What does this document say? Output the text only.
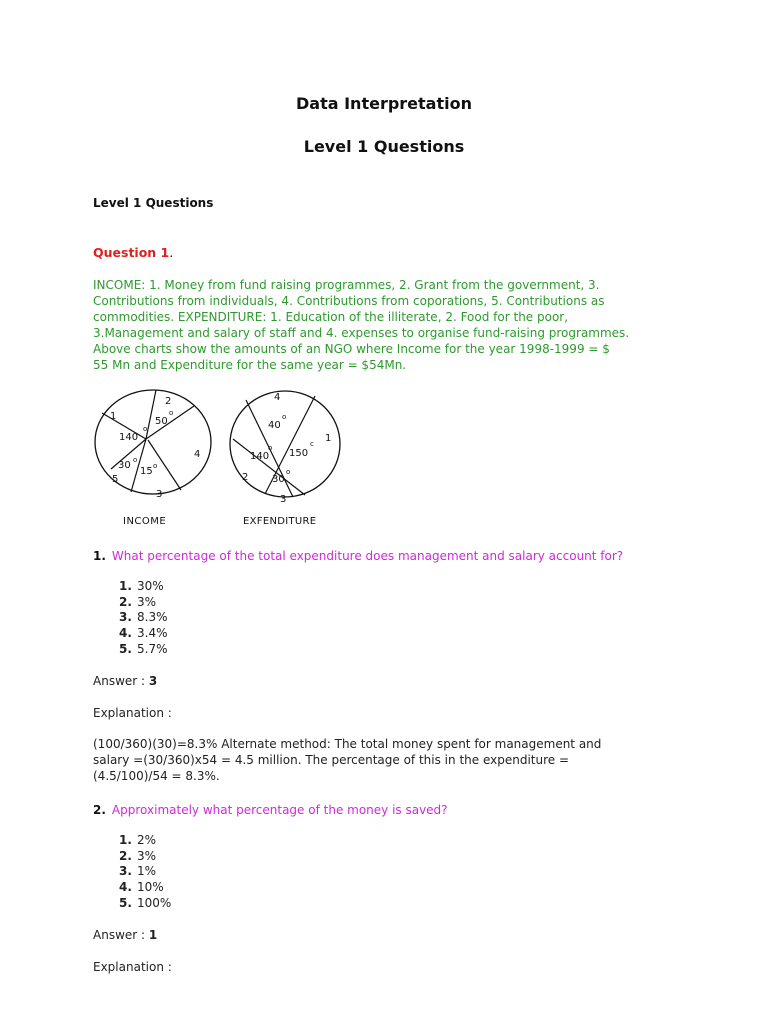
Data Interpretation
Level 1 Questions
Level 1 Questions
Question 1.
INCOME: 1. Money from fund raising programmes, 2. Grant from the government, 3.
Contributions from individuals, 4. Contributions from coporations, 5. Contributions as
commodities. EXPENDITURE: 1. Education of the illiterate, 2. Food for the poor,
3.Management and salary of staff and 4. expenses to organise fund-raising programmes.
Above charts show the amounts of an NGO where Income for the year 1998-1999 = $
55 Mn and Expenditure for the same year = $54Mn.
1
2
50
o
140
o
4
30 o
15 o
5
3
INCOME
4
40
o
1
150
c
140
o
2 30
o
3
EXFENDITURE
1. What percentage of the total expenditure does management and salary account for?
1. 30%
2. 3%
3. 8.3%
4. 3.4%
5. 5.7%
Answer : 3
Explanation :
(100/360)(30)=8.3% Alternate method: The total money spent for management and
salary =(30/360)x54 = 4.5 million. The percentage of this in the expenditure =
(4.5/100)/54 = 8.3%.
2. Approximately what percentage of the money is saved?
1. 2%
2. 3%
3. 1%
4. 10%
5. 100%
Answer : 1
Explanation :
